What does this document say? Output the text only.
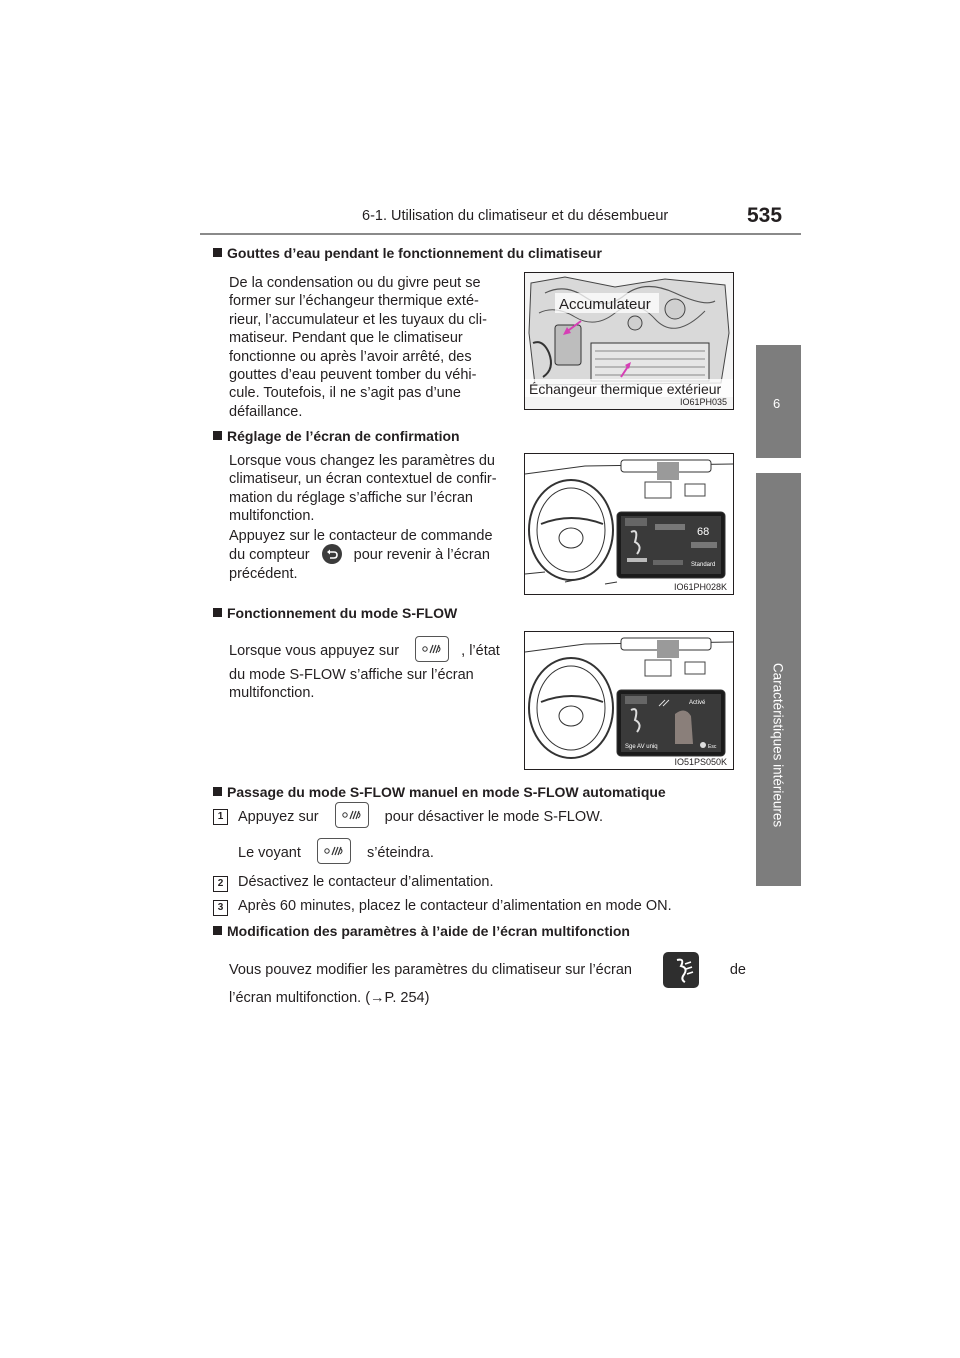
6-1. Utilisation du climatiseur et du désembueur	535
6
Caractéristiques intérieures
Gouttes d’eau pendant le fonctionnement du climatiseur
De la condensation ou du givre peut se
former sur l’échangeur thermique exté-
rieur, l’accumulateur et les tuyaux du cli-
matiseur. Pendant que le climatiseur
fonctionne ou après l’avoir arrêté, des
gouttes d’eau peuvent tomber du véhi-
cule. Toutefois, il ne s’agit pas d’une
défaillance.
Accumulateur
Échangeur thermique extérieur
IO61PH035
Réglage de l’écran de confirmation
Lorsque vous changez les paramètres du
climatiseur, un écran contextuel de confir-
mation du réglage s’affiche sur l’écran
multifonction.
Appuyez sur le contacteur de commande
du compteur	pour revenir à l’écran
précédent.
68
Standard
IO61PH028K
Fonctionnement du mode S-FLOW
Lorsque vous appuyez sur	, l’état
du mode S-FLOW s’affiche sur l’écran
multifonction.
Activé
Sge AV uniq	Esc
IO51PS050K
Passage du mode S-FLOW manuel en mode S-FLOW automatique
1	Appuyez sur	pour désactiver le mode S-FLOW.
Le voyant	s’éteindra.
2	Désactivez le contacteur d’alimentation.
3	Après 60 minutes, placez le contacteur d’alimentation en mode ON.
Modification des paramètres à l’aide de l’écran multifonction
Vous pouvez modifier les paramètres du climatiseur sur l’écran	de
l’écran multifonction. (→P. 254)
